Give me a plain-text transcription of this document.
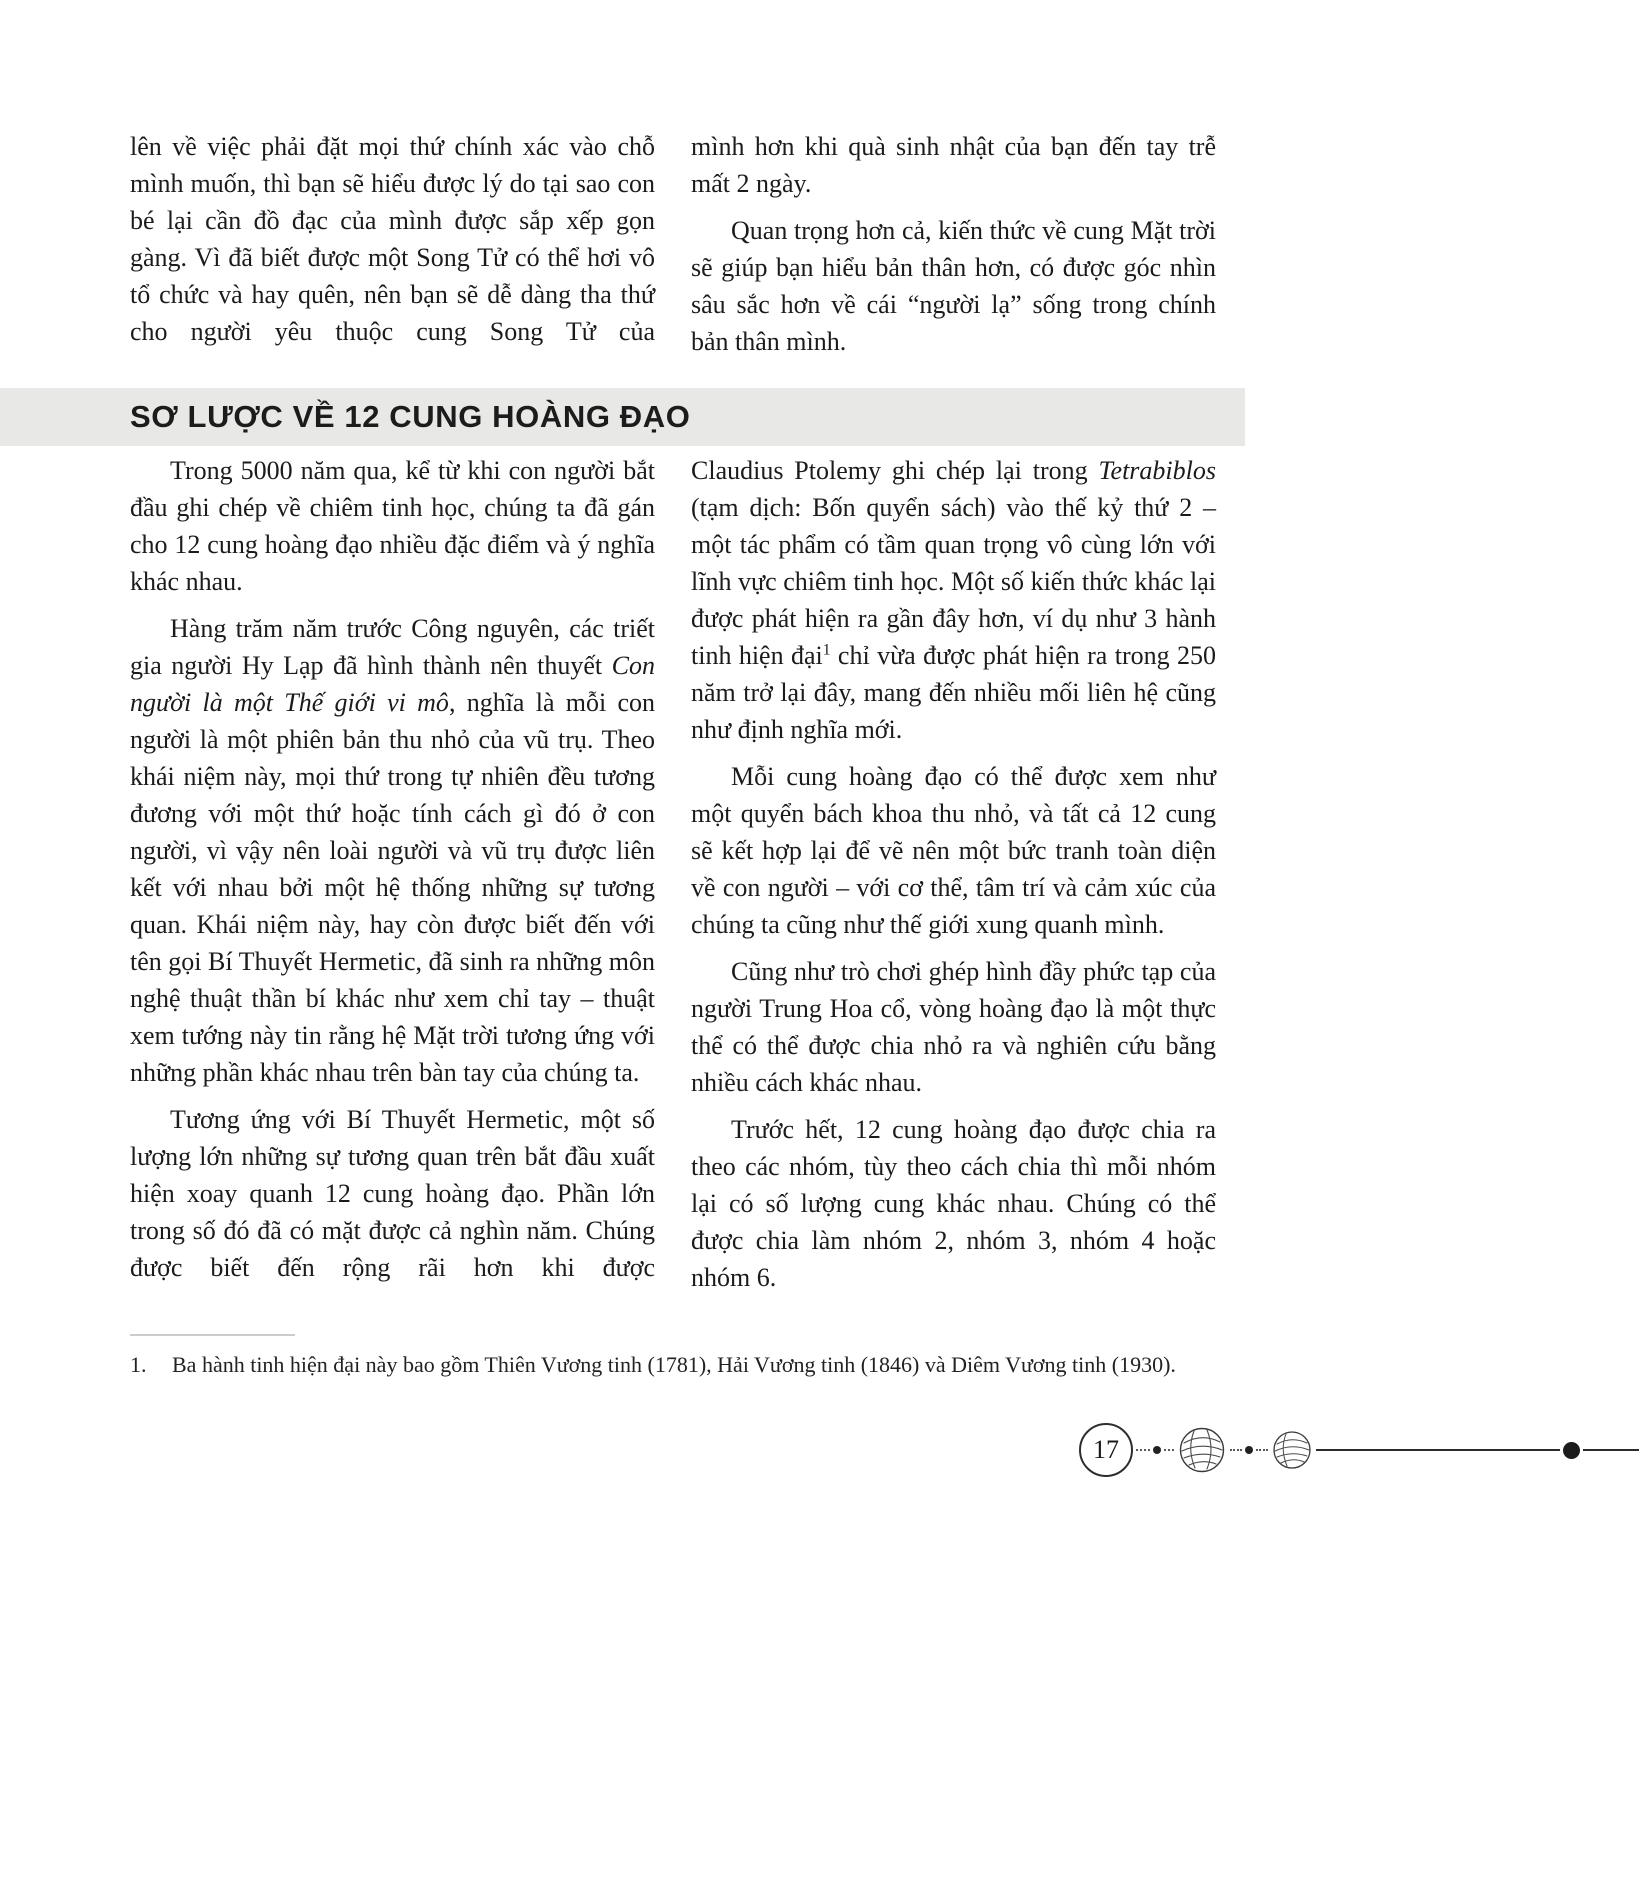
lên về việc phải đặt mọi thứ chính xác vào chỗ mình muốn, thì bạn sẽ hiểu được lý do tại sao con bé lại cần đồ đạc của mình được sắp xếp gọn gàng. Vì đã biết được một Song Tử có thể hơi vô tổ chức và hay quên, nên bạn sẽ dễ dàng tha thứ cho người yêu thuộc cung Song Tử của

mình hơn khi quà sinh nhật của bạn đến tay trễ mất 2 ngày.

Quan trọng hơn cả, kiến thức về cung Mặt trời sẽ giúp bạn hiểu bản thân hơn, có được góc nhìn sâu sắc hơn về cái “người lạ” sống trong chính bản thân mình.

SƠ LƯỢC VỀ 12 CUNG HOÀNG ĐẠO

Trong 5000 năm qua, kể từ khi con người bắt đầu ghi chép về chiêm tinh học, chúng ta đã gán cho 12 cung hoàng đạo nhiều đặc điểm và ý nghĩa khác nhau.

Hàng trăm năm trước Công nguyên, các triết gia người Hy Lạp đã hình thành nên thuyết Con người là một Thế giới vi mô, nghĩa là mỗi con người là một phiên bản thu nhỏ của vũ trụ. Theo khái niệm này, mọi thứ trong tự nhiên đều tương đương với một thứ hoặc tính cách gì đó ở con người, vì vậy nên loài người và vũ trụ được liên kết với nhau bởi một hệ thống những sự tương quan. Khái niệm này, hay còn được biết đến với tên gọi Bí Thuyết Hermetic, đã sinh ra những môn nghệ thuật thần bí khác như xem chỉ tay – thuật xem tướng này tin rằng hệ Mặt trời tương ứng với những phần khác nhau trên bàn tay của chúng ta.

Tương ứng với Bí Thuyết Hermetic, một số lượng lớn những sự tương quan trên bắt đầu xuất hiện xoay quanh 12 cung hoàng đạo. Phần lớn trong số đó đã có mặt được cả nghìn năm. Chúng được biết đến rộng rãi hơn khi được

Claudius Ptolemy ghi chép lại trong Tetrabiblos (tạm dịch: Bốn quyển sách) vào thế kỷ thứ 2 – một tác phẩm có tầm quan trọng vô cùng lớn với lĩnh vực chiêm tinh học. Một số kiến thức khác lại được phát hiện ra gần đây hơn, ví dụ như 3 hành tinh hiện đại$^1$ chỉ vừa được phát hiện ra trong 250 năm trở lại đây, mang đến nhiều mối liên hệ cũng như định nghĩa mới.

Mỗi cung hoàng đạo có thể được xem như một quyển bách khoa thu nhỏ, và tất cả 12 cung sẽ kết hợp lại để vẽ nên một bức tranh toàn diện về con người – với cơ thể, tâm trí và cảm xúc của chúng ta cũng như thế giới xung quanh mình.

Cũng như trò chơi ghép hình đầy phức tạp của người Trung Hoa cổ, vòng hoàng đạo là một thực thể có thể được chia nhỏ ra và nghiên cứu bằng nhiều cách khác nhau.

Trước hết, 12 cung hoàng đạo được chia ra theo các nhóm, tùy theo cách chia thì mỗi nhóm lại có số lượng cung khác nhau. Chúng có thể được chia làm nhóm 2, nhóm 3, nhóm 4 hoặc nhóm 6.

1.	Ba hành tinh hiện đại này bao gồm Thiên Vương tinh (1781), Hải Vương tinh (1846) và Diêm Vương tinh (1930).
17
